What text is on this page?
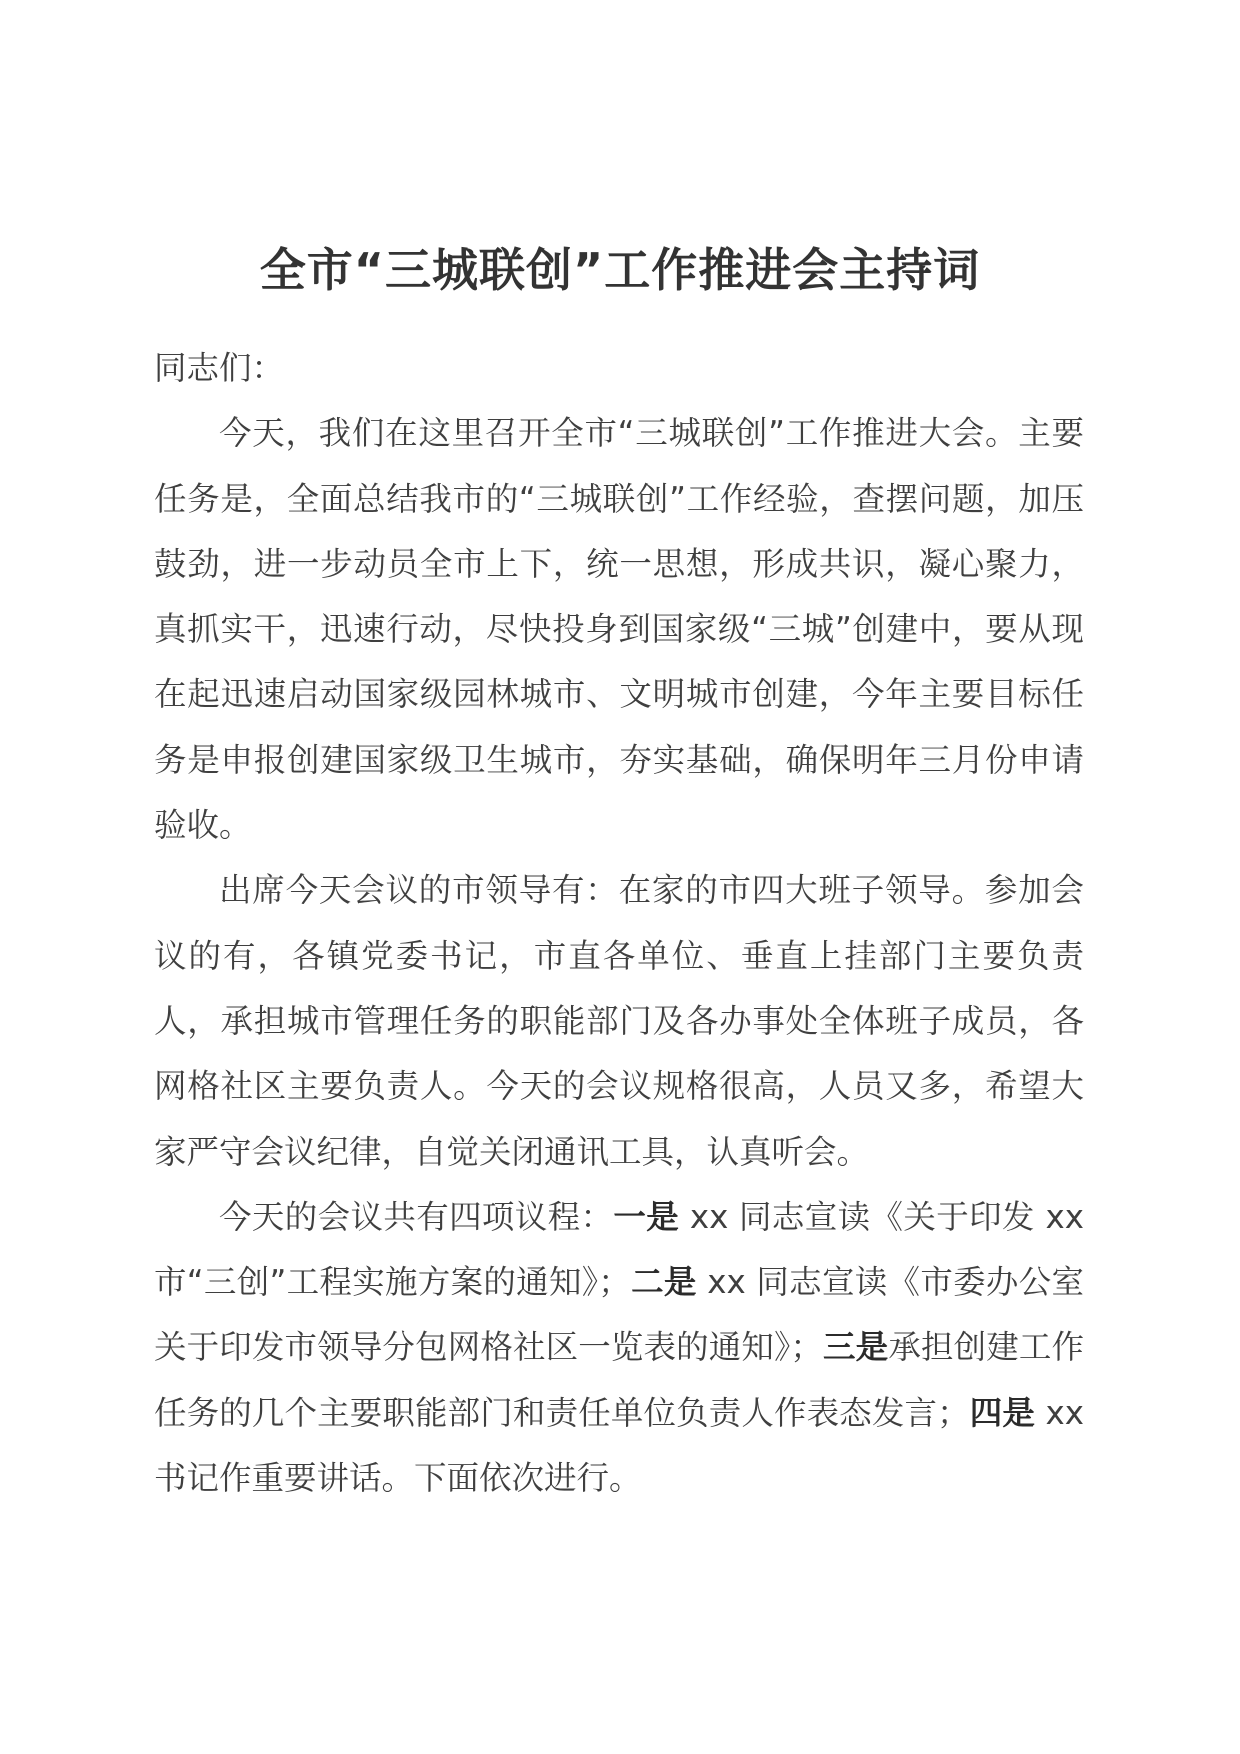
全市“三城联创”工作推进会主持词

同志们：

今天，我们在这里召开全市“三城联创”工作推进大会。主要任务是，全面总结我市的“三城联创”工作经验，查摆问题，加压鼓劲，进一步动员全市上下，统一思想，形成共识，凝心聚力，真抓实干，迅速行动，尽快投身到国家级“三城”创建中，要从现在起迅速启动国家级园林城市、文明城市创建，今年主要目标任务是申报创建国家级卫生城市，夯实基础，确保明年三月份申请验收。

出席今天会议的市领导有：在家的市四大班子领导。参加会议的有，各镇党委书记，市直各单位、垂直上挂部门主要负责人，承担城市管理任务的职能部门及各办事处全体班子成员，各网格社区主要负责人。今天的会议规格很高，人员又多，希望大家严守会议纪律，自觉关闭通讯工具，认真听会。

今天的会议共有四项议程：一是 xx 同志宣读《关于印发 xx 市“三创”工程实施方案的通知》；二是 xx 同志宣读《市委办公室关于印发市领导分包网格社区一览表的通知》；三是承担创建工作任务的几个主要职能部门和责任单位负责人作表态发言；四是 xx 书记作重要讲话。下面依次进行。
